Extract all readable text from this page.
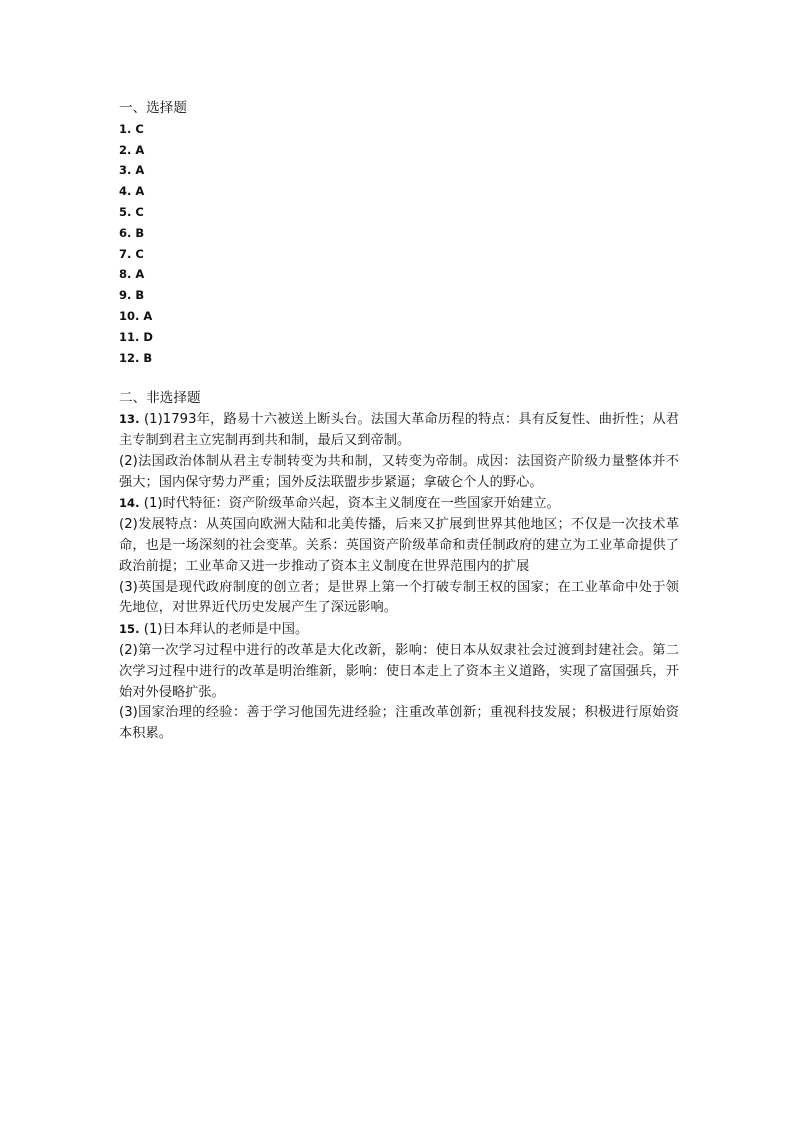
一、选择题

1. C
2. A
3. A
4. A
5. C
6. B
7. C
8. A
9. B
10. A
11. D
12. B

二、非选择题

13. (1)1793年，路易十六被送上断头台。法国大革命历程的特点：具有反复性、曲折性；从君主专制到君主立宪制再到共和制，最后又到帝制。

(2)法国政治体制从君主专制转变为共和制，又转变为帝制。成因：法国资产阶级力量整体并不强大；国内保守势力严重；国外反法联盟步步紧逼；拿破仑个人的野心。

14. (1)时代特征：资产阶级革命兴起，资本主义制度在一些国家开始建立。

(2)发展特点：从英国向欧洲大陆和北美传播，后来又扩展到世界其他地区；不仅是一次技术革命，也是一场深刻的社会变革。关系：英国资产阶级革命和责任制政府的建立为工业革命提供了政治前提；工业革命又进一步推动了资本主义制度在世界范围内的扩展

(3)英国是现代政府制度的创立者；是世界上第一个打破专制王权的国家；在工业革命中处于领先地位，对世界近代历史发展产生了深远影响。

15. (1)日本拜认的老师是中国。

(2)第一次学习过程中进行的改革是大化改新，影响：使日本从奴隶社会过渡到封建社会。第二次学习过程中进行的改革是明治维新，影响：使日本走上了资本主义道路，实现了富国强兵，开始对外侵略扩张。

(3)国家治理的经验：善于学习他国先进经验；注重改革创新；重视科技发展；积极进行原始资本积累。
